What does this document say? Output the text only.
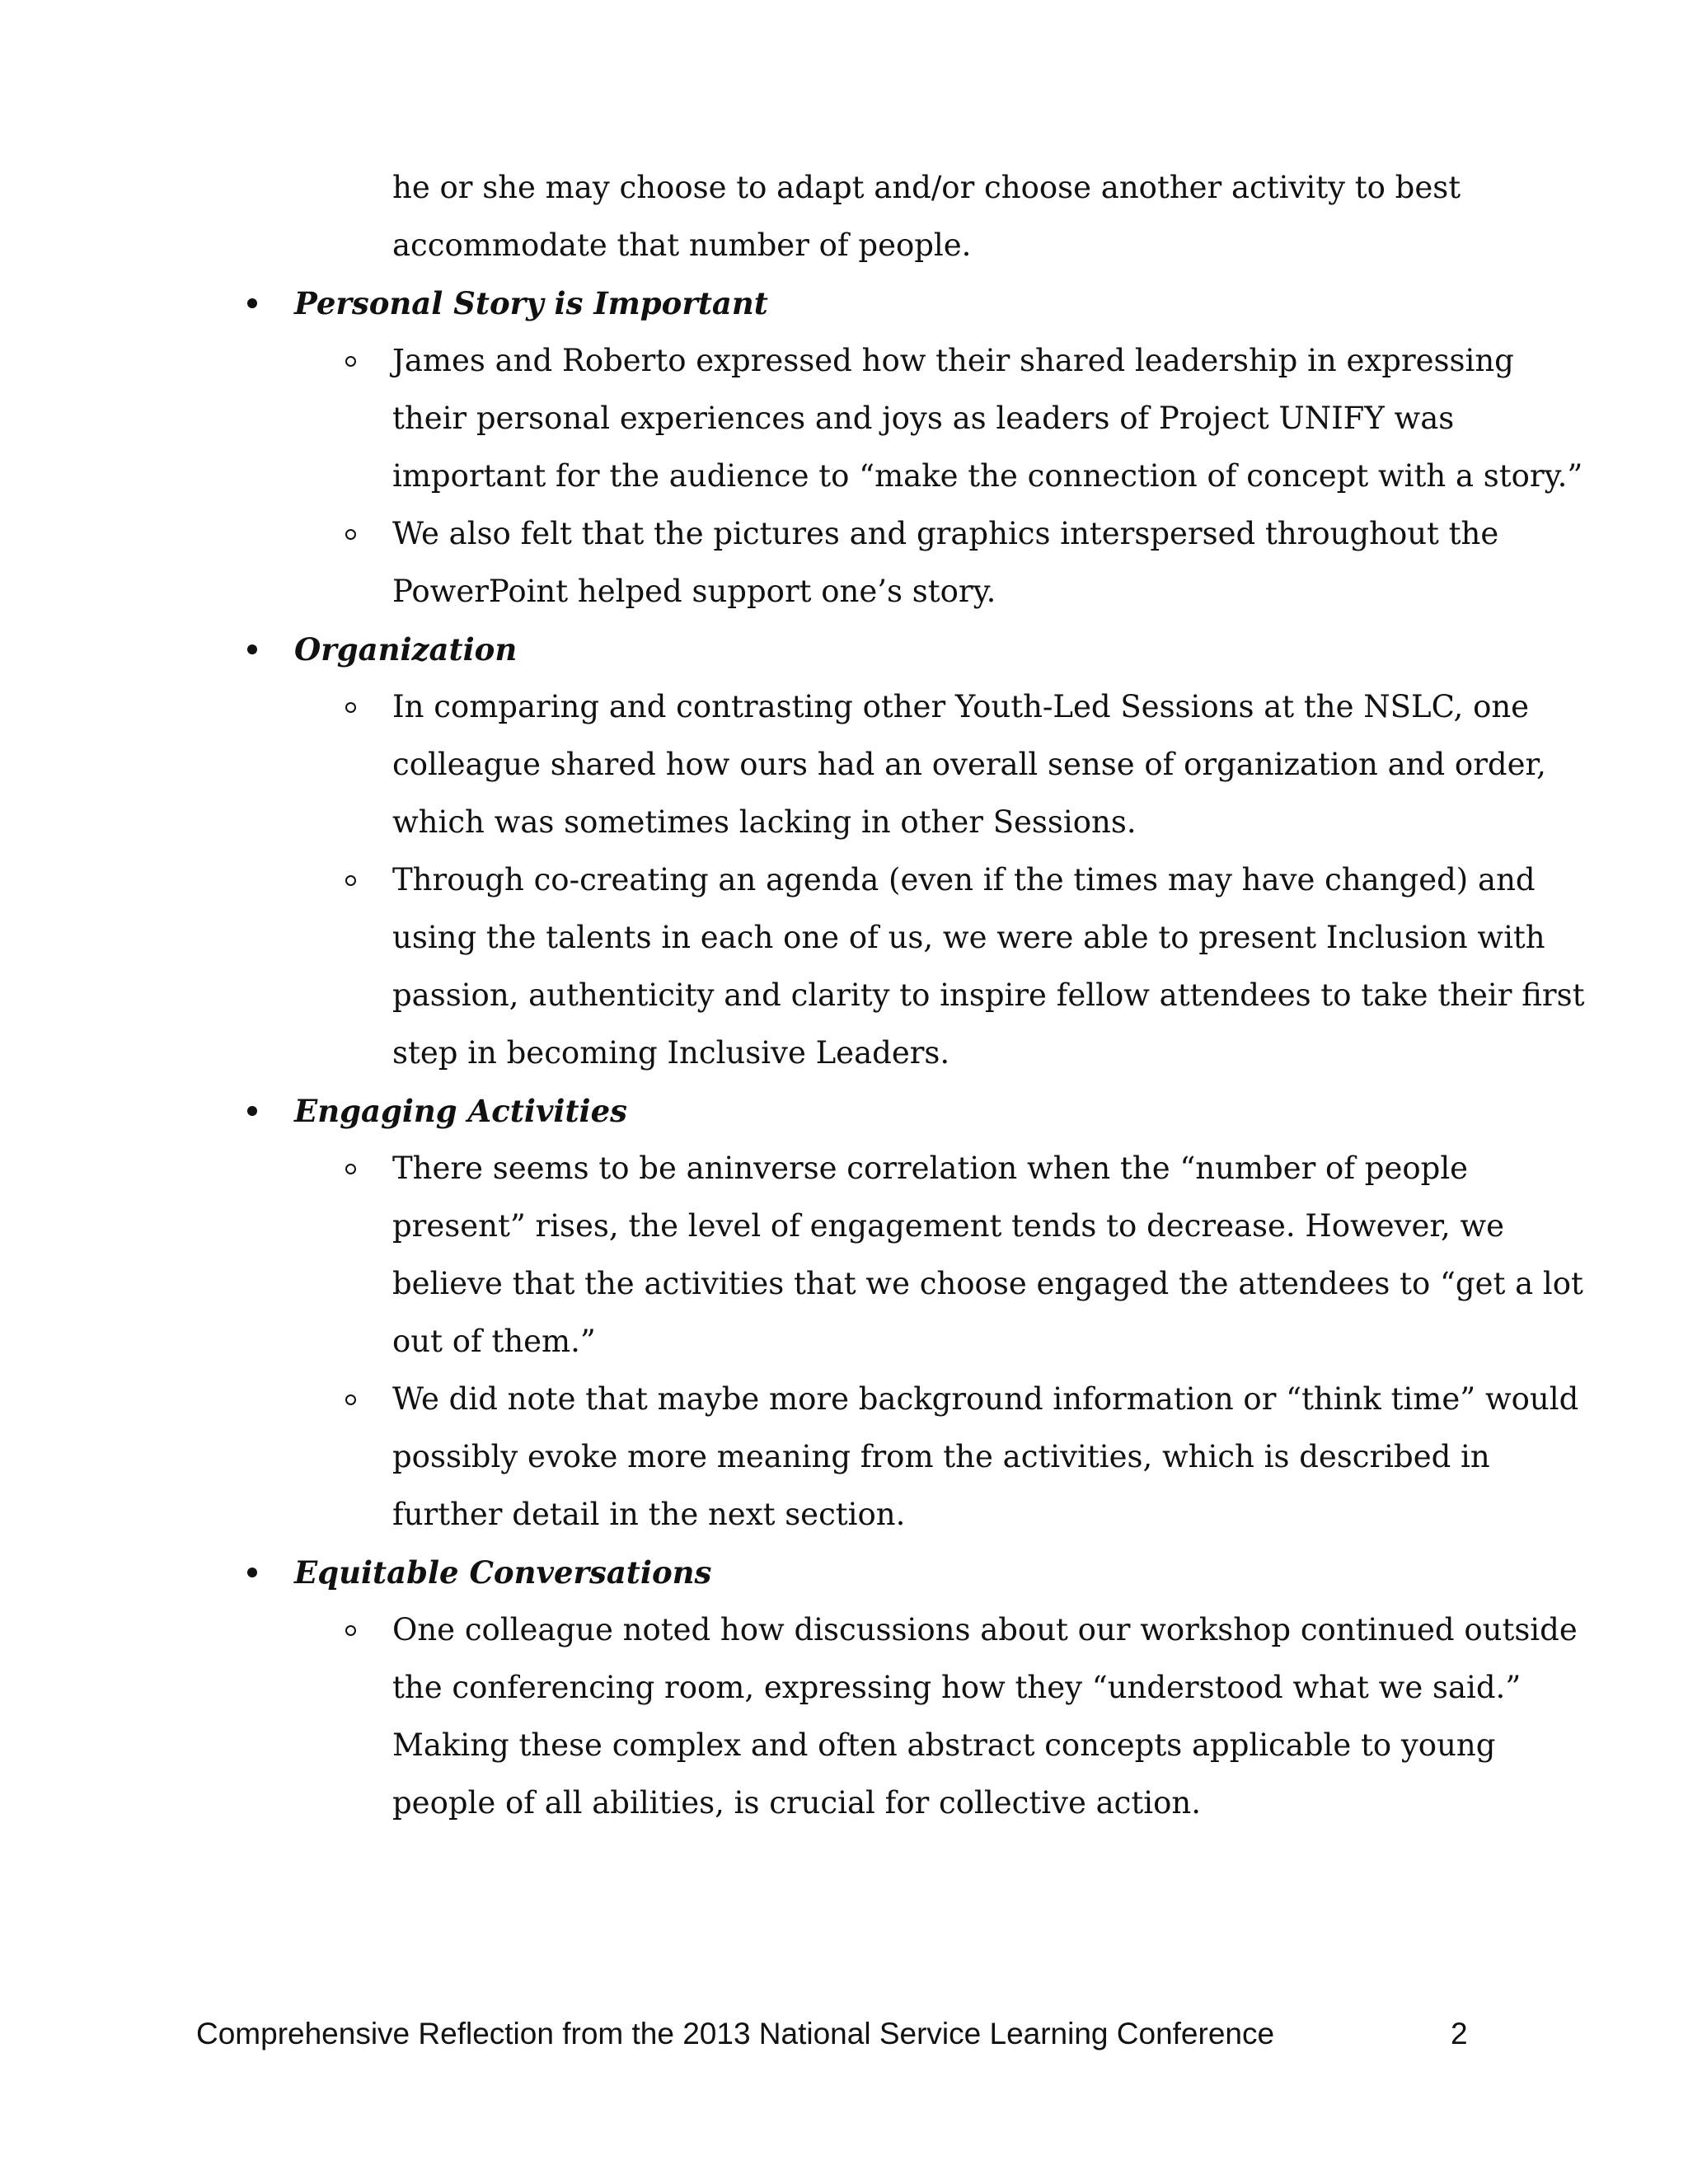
he or she may choose to adapt and/or choose another activity to best
accommodate that number of people.
Personal Story is Important
James and Roberto expressed how their shared leadership in expressing
their personal experiences and joys as leaders of Project UNIFY was
important for the audience to “make the connection of concept with a story.”
We also felt that the pictures and graphics interspersed throughout the
PowerPoint helped support one’s story.
Organization
In comparing and contrasting other Youth-Led Sessions at the NSLC, one
colleague shared how ours had an overall sense of organization and order,
which was sometimes lacking in other Sessions.
Through co-creating an agenda (even if the times may have changed) and
using the talents in each one of us, we were able to present Inclusion with
passion, authenticity and clarity to inspire fellow attendees to take their first
step in becoming Inclusive Leaders.
Engaging Activities
There seems to be aninverse correlation when the “number of people
present” rises, the level of engagement tends to decrease. However, we
believe that the activities that we choose engaged the attendees to “get a lot
out of them.”
We did note that maybe more background information or “think time” would
possibly evoke more meaning from the activities, which is described in
further detail in the next section.
Equitable Conversations
One colleague noted how discussions about our workshop continued outside
the conferencing room, expressing how they “understood what we said.”
Making these complex and often abstract concepts applicable to young
people of all abilities, is crucial for collective action.
Comprehensive Reflection from the 2013 National Service Learning Conference	2
